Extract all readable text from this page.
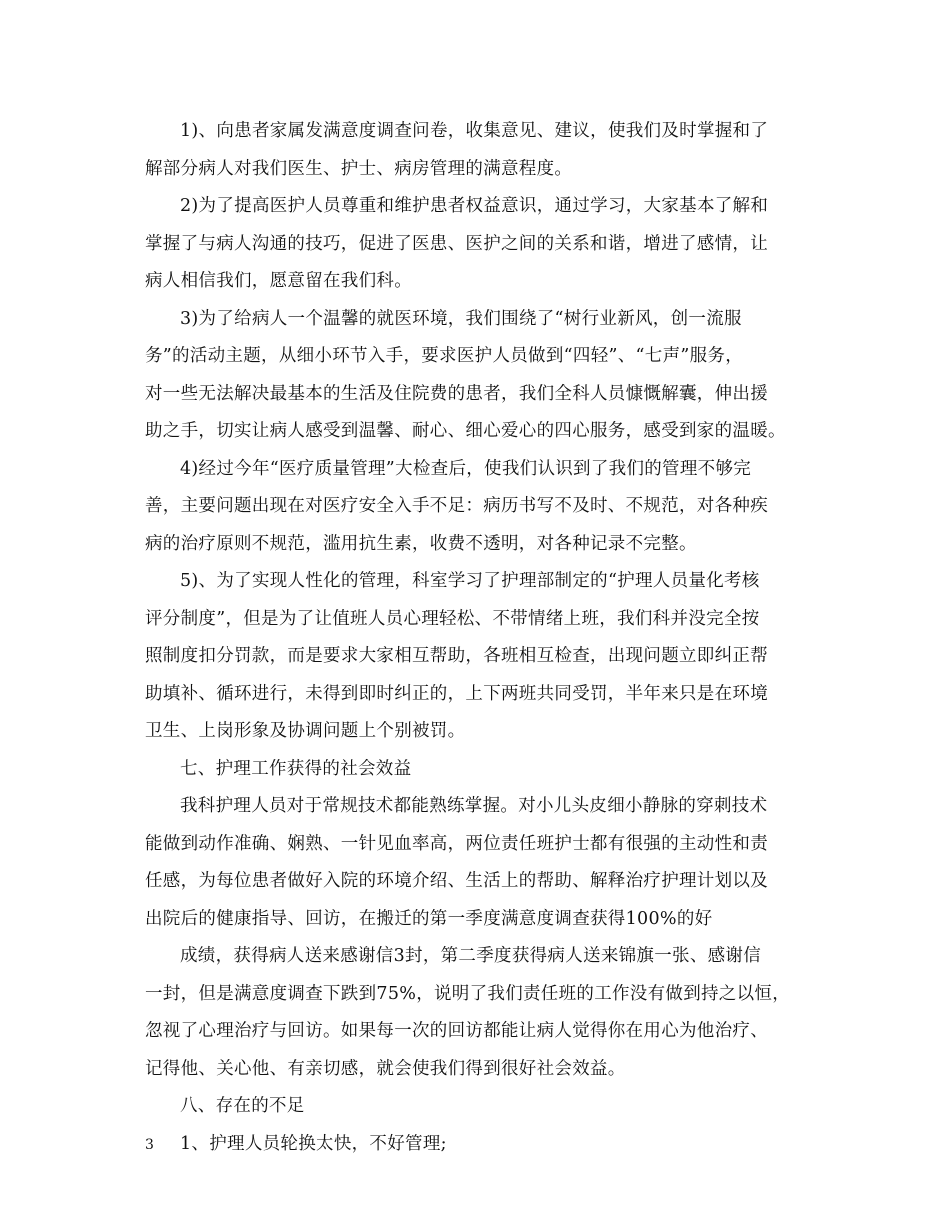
1)、向患者家属发满意度调查问卷，收集意见、建议，使我们及时掌握和了
解部分病人对我们医生、护士、病房管理的满意程度。
2)为了提高医护人员尊重和维护患者权益意识，通过学习，大家基本了解和
掌握了与病人沟通的技巧，促进了医患、医护之间的关系和谐，增进了感情，让
病人相信我们，愿意留在我们科。
3)为了给病人一个温馨的就医环境，我们围绕了“树行业新风，创一流服
务”的活动主题，从细小环节入手，要求医护人员做到“四轻”、“七声”服务，
对一些无法解决最基本的生活及住院费的患者，我们全科人员慷慨解囊，伸出援
助之手，切实让病人感受到温馨、耐心、细心爱心的四心服务，感受到家的温暖。
4)经过今年“医疗质量管理”大检查后，使我们认识到了我们的管理不够完
善，主要问题出现在对医疗安全入手不足：病历书写不及时、不规范，对各种疾
病的治疗原则不规范，滥用抗生素，收费不透明，对各种记录不完整。
5)、为了实现人性化的管理，科室学习了护理部制定的“护理人员量化考核
评分制度”，但是为了让值班人员心理轻松、不带情绪上班，我们科并没完全按
照制度扣分罚款，而是要求大家相互帮助，各班相互检查，出现问题立即纠正帮
助填补、循环进行，未得到即时纠正的，上下两班共同受罚，半年来只是在环境
卫生、上岗形象及协调问题上个别被罚。
七、护理工作获得的社会效益
我科护理人员对于常规技术都能熟练掌握。对小儿头皮细小静脉的穿刺技术
能做到动作准确、娴熟、一针见血率高，两位责任班护士都有很强的主动性和责
任感，为每位患者做好入院的环境介绍、生活上的帮助、解释治疗护理计划以及
出院后的健康指导、回访，在搬迁的第一季度满意度调查获得100%的好
成绩，获得病人送来感谢信3封，第二季度获得病人送来锦旗一张、感谢信
一封，但是满意度调查下跌到75%，说明了我们责任班的工作没有做到持之以恒，
忽视了心理治疗与回访。如果每一次的回访都能让病人觉得你在用心为他治疗、
记得他、关心他、有亲切感，就会使我们得到很好社会效益。
八、存在的不足
1、护理人员轮换太快，不好管理;
3
